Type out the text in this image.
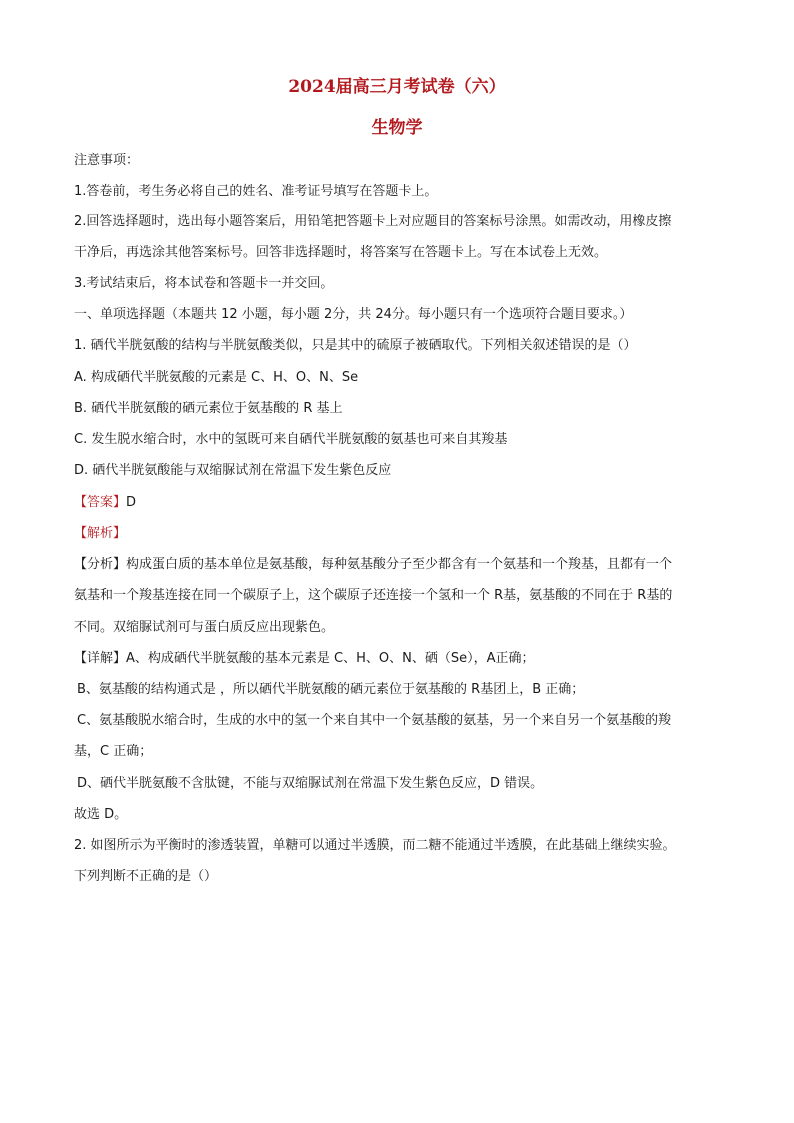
2024届高三月考试卷（六）
生物学
注意事项：
1.答卷前，考生务必将自己的姓名、准考证号填写在答题卡上。
2.回答选择题时，选出每小题答案后，用铅笔把答题卡上对应题目的答案标号涂黑。如需改动，用橡皮擦
干净后，再选涂其他答案标号。回答非选择题时，将答案写在答题卡上。写在本试卷上无效。
3.考试结束后，将本试卷和答题卡一并交回。
一、单项选择题（本题共 12 小题，每小题 2分，共 24分。每小题只有一个选项符合题目要求。）
1. 硒代半胱氨酸的结构与半胱氨酸类似，只是其中的硫原子被硒取代。下列相关叙述错误的是（）
A. 构成硒代半胱氨酸的元素是 C、H、O、N、Se
B. 硒代半胱氨酸的硒元素位于氨基酸的 R 基上
C. 发生脱水缩合时，水中的氢既可来自硒代半胱氨酸的氨基也可来自其羧基
D. 硒代半胱氨酸能与双缩脲试剂在常温下发生紫色反应
【答案】D
【解析】
【分析】构成蛋白质的基本单位是氨基酸，每种氨基酸分子至少都含有一个氨基和一个羧基，且都有一个
氨基和一个羧基连接在同一个碳原子上，这个碳原子还连接一个氢和一个 R基，氨基酸的不同在于 R基的
不同。双缩脲试剂可与蛋白质反应出现紫色。
【详解】A、构成硒代半胱氨酸的基本元素是 C、H、O、N、硒（Se），A正确；
B、氨基酸的结构通式是 ，所以硒代半胱氨酸的硒元素位于氨基酸的 R基团上，B 正确；
C、氨基酸脱水缩合时，生成的水中的氢一个来自其中一个氨基酸的氨基，另一个来自另一个氨基酸的羧
基，C 正确；
D、硒代半胱氨酸不含肽键，不能与双缩脲试剂在常温下发生紫色反应，D 错误。
故选 D。
2. 如图所示为平衡时的渗透装置，单糖可以通过半透膜，而二糖不能通过半透膜，在此基础上继续实验。
下列判断不正确的是（）
